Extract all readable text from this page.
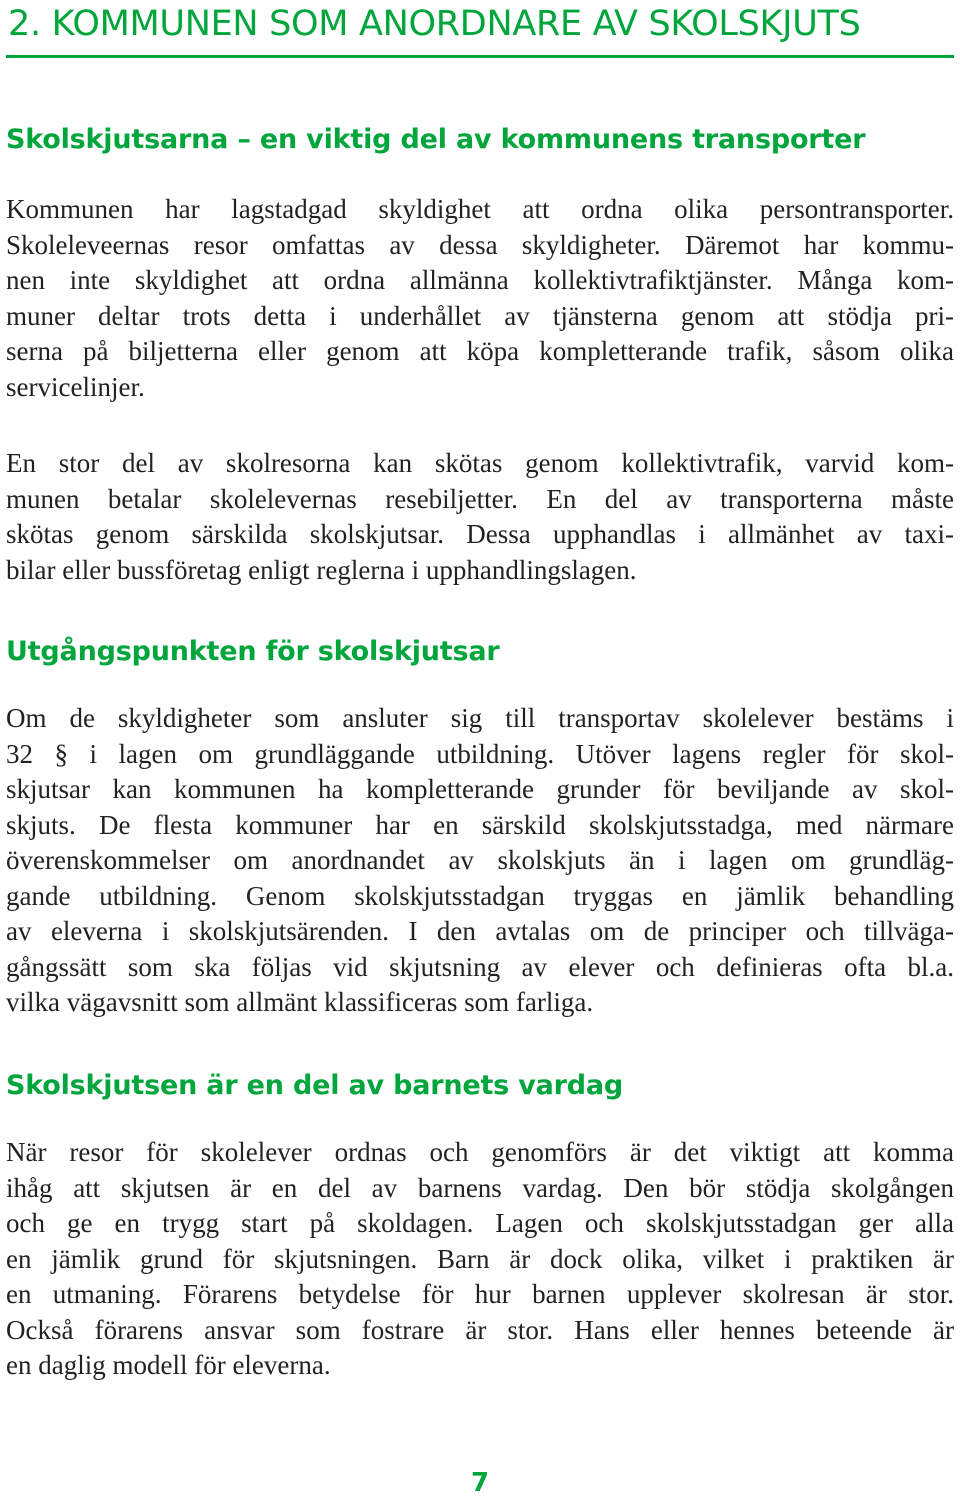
2. KOMMUNEN SOM ANORDNARE AV SKOLSKJUTS
Skolskjutsarna – en viktig del av kommunens transporter

Kommunen har lagstadgad skyldighet att ordna olika persontransporter.
Skoleleveernas resor omfattas av dessa skyldigheter. Däremot har kommu-
nen inte skyldighet att ordna allmänna kollektivtrafiktjänster. Många kom-
muner deltar trots detta i underhållet av tjänsterna genom att stödja pri-
serna på biljetterna eller genom att köpa kompletterande trafik, såsom olika
servicelinjer.

En stor del av skolresorna kan skötas genom kollektivtrafik, varvid kom-
munen betalar skolelevernas resebiljetter. En del av transporterna måste
skötas genom särskilda skolskjutsar. Dessa upphandlas i allmänhet av taxi-
bilar eller bussföretag enligt reglerna i upphandlingslagen.

Utgångspunkten för skolskjutsar

Om de skyldigheter som ansluter sig till transportav skolelever bestäms i
32 § i lagen om grundläggande utbildning. Utöver lagens regler för skol-
skjutsar kan kommunen ha kompletterande grunder för beviljande av skol-
skjuts. De flesta kommuner har en särskild skolskjutsstadga, med närmare
överenskommelser om anordnandet av skolskjuts än i lagen om grundläg-
gande utbildning. Genom skolskjutsstadgan tryggas en jämlik behandling
av eleverna i skolskjutsärenden. I den avtalas om de principer och tillväga-
gångssätt som ska följas vid skjutsning av elever och definieras ofta bl.a.
vilka vägavsnitt som allmänt klassificeras som farliga.

Skolskjutsen är en del av barnets vardag

När resor för skolelever ordnas och genomförs är det viktigt att komma
ihåg att skjutsen är en del av barnens vardag. Den bör stödja skolgången
och ge en trygg start på skoldagen. Lagen och skolskjutsstadgan ger alla
en jämlik grund för skjutsningen. Barn är dock olika, vilket i praktiken är
en utmaning. Förarens betydelse för hur barnen upplever skolresan är stor.
Också förarens ansvar som fostrare är stor. Hans eller hennes beteende är
en daglig modell för eleverna.

7
